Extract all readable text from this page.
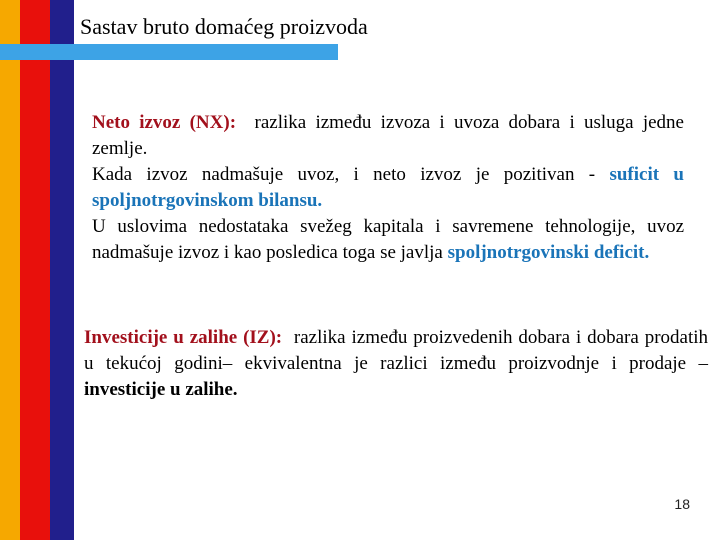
Sastav bruto domaćeg proizvoda
Neto izvoz (NX): razlika između izvoza i uvoza dobara i usluga jedne zemlje.
Kada izvoz nadmašuje uvoz, i neto izvoz je pozitivan - suficit u spoljnotrgovinskom bilansu.
U uslovima nedostataka svežeg kapitala i savremene tehnologije, uvoz nadmašuje izvoz i kao posledica toga se javlja spoljnotrgovinski deficit.
Investicije u zalihe (IZ): razlika između proizvedenih dobara i dobara prodatih u tekućoj godini– ekvivalentna je razlici između proizvodnje i prodaje –investicije u zalihe.
18
